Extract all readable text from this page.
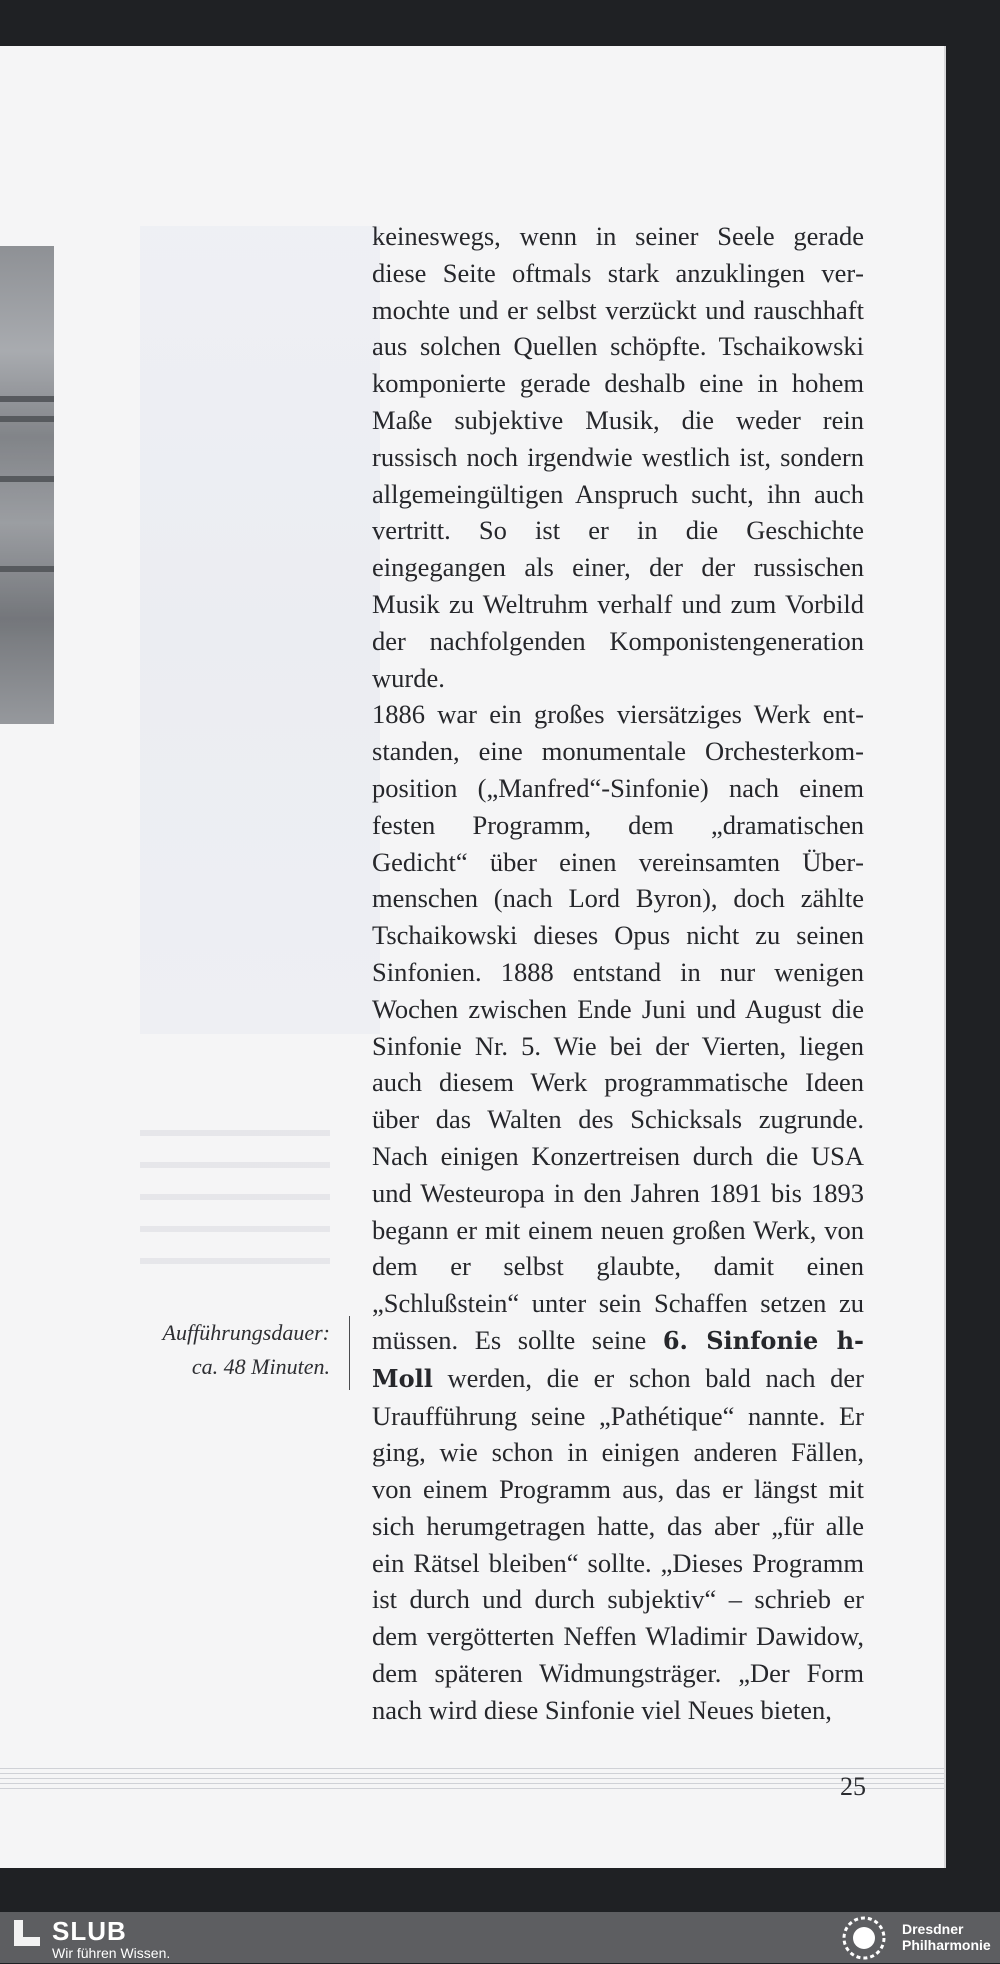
keineswegs, wenn in seiner Seele gerade diese Seite oftmals stark anzuklingen vermochte und er selbst verzückt und rauschhaft aus solchen Quellen schöpfte. Tschaikowski komponierte gerade deshalb eine in hohem Maße subjektive Musik, die weder rein russisch noch irgendwie westlich ist, sondern allgemeingültigen Anspruch sucht, ihn auch vertritt. So ist er in die Geschichte eingegangen als einer, der der russischen Musik zu Weltruhm verhalf und zum Vorbild der nachfolgenden Komponistengeneration wurde.

1886 war ein großes viersätziges Werk entstanden, eine monumentale Orchesterkomposition („Manfred“-Sinfonie) nach einem festen Programm, dem „dramatischen Gedicht“ über einen vereinsamten Übermenschen (nach Lord Byron), doch zählte Tschaikowski dieses Opus nicht zu seinen Sinfonien. 1888 entstand in nur wenigen Wochen zwischen Ende Juni und August die Sinfonie Nr. 5. Wie bei der Vierten, liegen auch diesem Werk programmatische Ideen über das Walten des Schicksals zugrunde. Nach einigen Konzertreisen durch die USA und Westeuropa in den Jahren 1891 bis 1893 begann er mit einem neuen großen Werk, von dem er selbst glaubte, damit einen „Schlußstein“ unter sein Schaffen setzen zu müssen. Es sollte seine 6. Sinfonie h-Moll werden, die er schon bald nach der Uraufführung seine „Pathétique“ nannte. Er ging, wie schon in einigen anderen Fällen, von einem Programm aus, das er längst mit sich herumgetragen hatte, das aber „für alle ein Rätsel bleiben“ sollte. „Dieses Programm ist durch und durch subjektiv“ – schrieb er dem vergötterten Neffen Wladimir Dawidow, dem späteren Widmungsträger. „Der Form nach wird diese Sinfonie viel Neues bieten,

Aufführungsdauer:
ca. 48 Minuten.
25
SLUB
Wir führen Wissen.
Dresdner
Philharmonie
